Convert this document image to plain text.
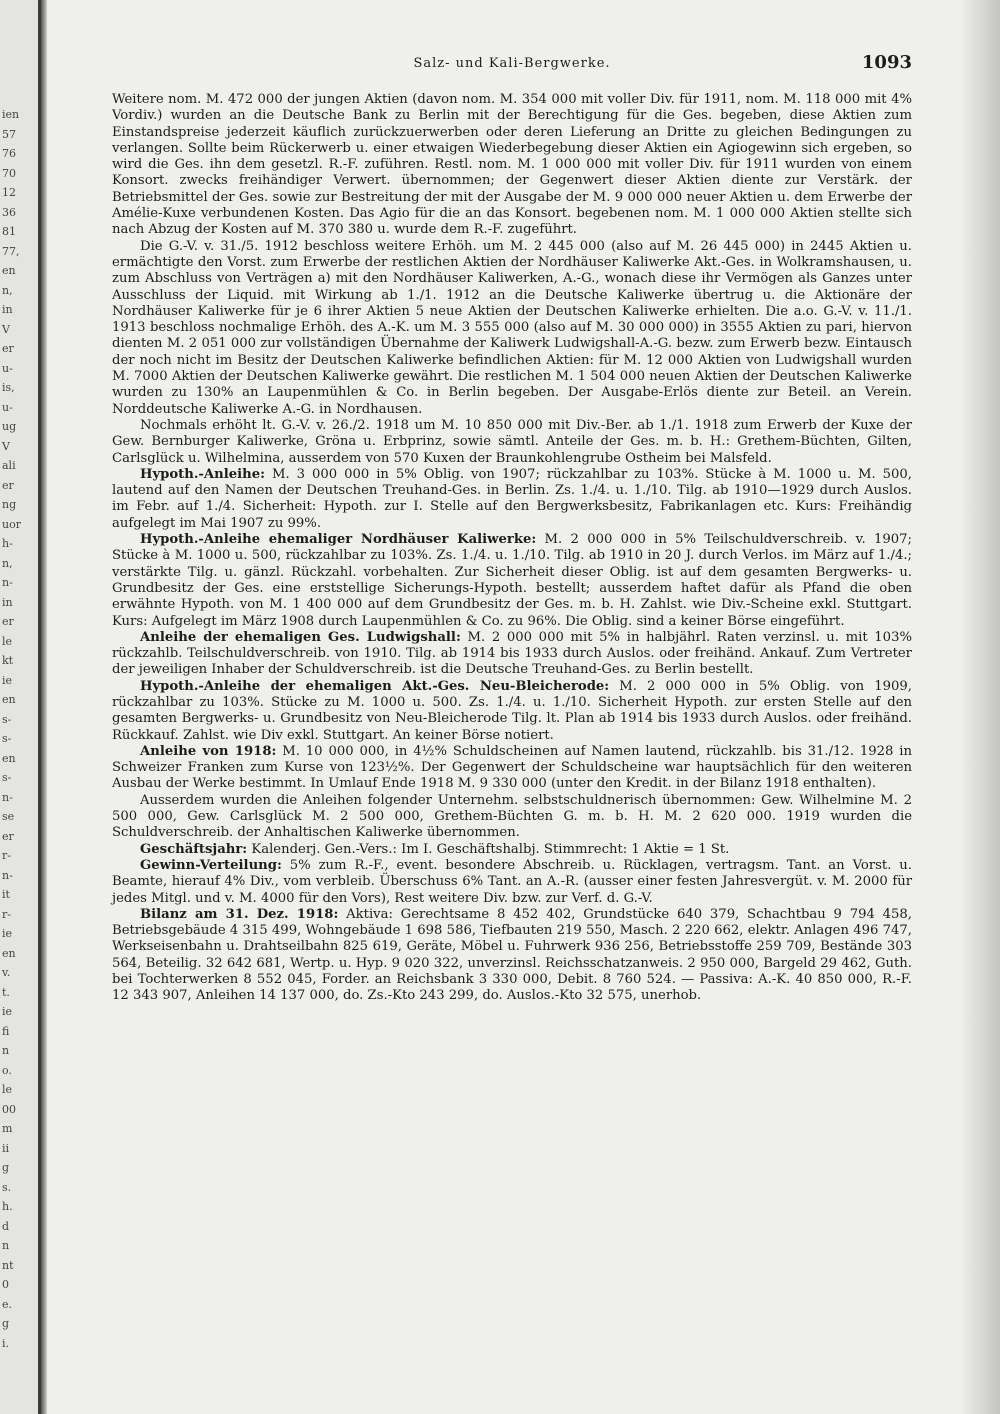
ien
57
76
70
12
36
81
77,
en
n,
in
V
er
u-
is,
u-
ug
V
ali
er
ng
uor
h-
n,
n-
in
er
le
kt
ie
en
s-
s-
en
s-
n-
se
er
r-
n-
it
r-
ie
en
v.
t.
ie
fi
n
o.
le
00
m
ii
g
s.
h.
d
n
nt
0
e.
g
i.
Salz- und Kali-Bergwerke.	1093

Weitere nom. M. 472 000 der jungen Aktien (davon nom. M. 354 000 mit voller Div. für 1911, nom. M. 118 000 mit 4% Vordiv.) wurden an die Deutsche Bank zu Berlin mit der Berechtigung für die Ges. begeben, diese Aktien zum Einstandspreise jederzeit käuflich zurückzuerwerben oder deren Lieferung an Dritte zu gleichen Bedingungen zu verlangen. Sollte beim Rückerwerb u. einer etwaigen Wiederbegebung dieser Aktien ein Agiogewinn sich ergeben, so wird die Ges. ihn dem gesetzl. R.-F. zuführen. Restl. nom. M. 1 000 000 mit voller Div. für 1911 wurden von einem Konsort. zwecks freihändiger Verwert. übernommen; der Gegenwert dieser Aktien diente zur Verstärk. der Betriebsmittel der Ges. sowie zur Bestreitung der mit der Ausgabe der M. 9 000 000 neuer Aktien u. dem Erwerbe der Amélie-Kuxe verbundenen Kosten. Das Agio für die an das Konsort. begebenen nom. M. 1 000 000 Aktien stellte sich nach Abzug der Kosten auf M. 370 380 u. wurde dem R.-F. zugeführt.

Die G.-V. v. 31./5. 1912 beschloss weitere Erhöh. um M. 2 445 000 (also auf M. 26 445 000) in 2445 Aktien u. ermächtigte den Vorst. zum Erwerbe der restlichen Aktien der Nordhäuser Kaliwerke Akt.-Ges. in Wolkramshausen, u. zum Abschluss von Verträgen a) mit den Nordhäuser Kaliwerken, A.-G., wonach diese ihr Vermögen als Ganzes unter Ausschluss der Liquid. mit Wirkung ab 1./1. 1912 an die Deutsche Kaliwerke übertrug u. die Aktionäre der Nordhäuser Kaliwerke für je 6 ihrer Aktien 5 neue Aktien der Deutschen Kaliwerke erhielten. Die a.o. G.-V. v. 11./1. 1913 beschloss nochmalige Erhöh. des A.-K. um M. 3 555 000 (also auf M. 30 000 000) in 3555 Aktien zu pari, hiervon dienten M. 2 051 000 zur vollständigen Übernahme der Kaliwerk Ludwigshall-A.-G. bezw. zum Erwerb bezw. Eintausch der noch nicht im Besitz der Deutschen Kaliwerke befindlichen Aktien: für M. 12 000 Aktien von Ludwigshall wurden M. 7000 Aktien der Deutschen Kaliwerke gewährt. Die restlichen M. 1 504 000 neuen Aktien der Deutschen Kaliwerke wurden zu 130% an Laupenmühlen & Co. in Berlin begeben. Der Ausgabe-Erlös diente zur Beteil. an Verein. Norddeutsche Kaliwerke A.-G. in Nordhausen.

Nochmals erhöht lt. G.-V. v. 26./2. 1918 um M. 10 850 000 mit Div.-Ber. ab 1./1. 1918 zum Erwerb der Kuxe der Gew. Bernburger Kaliwerke, Gröna u. Erbprinz, sowie sämtl. Anteile der Ges. m. b. H.: Grethem-Büchten, Gilten, Carlsglück u. Wilhelmina, ausserdem von 570 Kuxen der Braunkohlengrube Ostheim bei Malsfeld.

Hypoth.-Anleihe: M. 3 000 000 in 5% Oblig. von 1907; rückzahlbar zu 103%. Stücke à M. 1000 u. M. 500, lautend auf den Namen der Deutschen Treuhand-Ges. in Berlin. Zs. 1./4. u. 1./10. Tilg. ab 1910—1929 durch Auslos. im Febr. auf 1./4. Sicherheit: Hypoth. zur I. Stelle auf den Bergwerksbesitz, Fabrikanlagen etc. Kurs: Freihändig aufgelegt im Mai 1907 zu 99%.

Hypoth.-Anleihe ehemaliger Nordhäuser Kaliwerke: M. 2 000 000 in 5% Teilschuldverschreib. v. 1907; Stücke à M. 1000 u. 500, rückzahlbar zu 103%. Zs. 1./4. u. 1./10. Tilg. ab 1910 in 20 J. durch Verlos. im März auf 1./4.; verstärkte Tilg. u. gänzl. Rückzahl. vorbehalten. Zur Sicherheit dieser Oblig. ist auf dem gesamten Bergwerks- u. Grundbesitz der Ges. eine erststellige Sicherungs-Hypoth. bestellt; ausserdem haftet dafür als Pfand die oben erwähnte Hypoth. von M. 1 400 000 auf dem Grundbesitz der Ges. m. b. H. Zahlst. wie Div.-Scheine exkl. Stuttgart. Kurs: Aufgelegt im März 1908 durch Laupenmühlen & Co. zu 96%. Die Oblig. sind a keiner Börse eingeführt.

Anleihe der ehemaligen Ges. Ludwigshall: M. 2 000 000 mit 5% in halbjährl. Raten verzinsl. u. mit 103% rückzahlb. Teilschuldverschreib. von 1910. Tilg. ab 1914 bis 1933 durch Auslos. oder freihänd. Ankauf. Zum Vertreter der jeweiligen Inhaber der Schuldverschreib. ist die Deutsche Treuhand-Ges. zu Berlin bestellt.

Hypoth.-Anleihe der ehemaligen Akt.-Ges. Neu-Bleicherode: M. 2 000 000 in 5% Oblig. von 1909, rückzahlbar zu 103%. Stücke zu M. 1000 u. 500. Zs. 1./4. u. 1./10. Sicherheit Hypoth. zur ersten Stelle auf den gesamten Bergwerks- u. Grundbesitz von Neu-Bleicherode Tilg. lt. Plan ab 1914 bis 1933 durch Auslos. oder freihänd. Rückkauf. Zahlst. wie Div exkl. Stuttgart. An keiner Börse notiert.

Anleihe von 1918: M. 10 000 000, in 4½% Schuldscheinen auf Namen lautend, rückzahlb. bis 31./12. 1928 in Schweizer Franken zum Kurse von 123½%. Der Gegenwert der Schuldscheine war hauptsächlich für den weiteren Ausbau der Werke bestimmt. In Umlauf Ende 1918 M. 9 330 000 (unter den Kredit. in der Bilanz 1918 enthalten).

Ausserdem wurden die Anleihen folgender Unternehm. selbstschuldnerisch übernommen: Gew. Wilhelmine M. 2 500 000, Gew. Carlsglück M. 2 500 000, Grethem-Büchten G. m. b. H. M. 2 620 000. 1919 wurden die Schuldverschreib. der Anhaltischen Kaliwerke übernommen.

Geschäftsjahr: Kalenderj. Gen.-Vers.: Im I. Geschäftshalbj. Stimmrecht: 1 Aktie = 1 St.

Gewinn-Verteilung: 5% zum R.-F., event. besondere Abschreib. u. Rücklagen, vertragsm. Tant. an Vorst. u. Beamte, hierauf 4% Div., vom verbleib. Überschuss 6% Tant. an A.-R. (ausser einer festen Jahresvergüt. v. M. 2000 für jedes Mitgl. und v. M. 4000 für den Vors), Rest weitere Div. bzw. zur Verf. d. G.-V.

Bilanz am 31. Dez. 1918: Aktiva: Gerechtsame 8 452 402, Grundstücke 640 379, Schachtbau 9 794 458, Betriebsgebäude 4 315 499, Wohngebäude 1 698 586, Tiefbauten 219 550, Masch. 2 220 662, elektr. Anlagen 496 747, Werkseisenbahn u. Drahtseilbahn 825 619, Geräte, Möbel u. Fuhrwerk 936 256, Betriebsstoffe 259 709, Bestände 303 564, Beteilig. 32 642 681, Wertp. u. Hyp. 9 020 322, unverzinsl. Reichsschatzanweis. 2 950 000, Bargeld 29 462, Guth. bei Tochterwerken 8 552 045, Forder. an Reichsbank 3 330 000, Debit. 8 760 524. — Passiva: A.-K. 40 850 000, R.-F. 12 343 907, Anleihen 14 137 000, do. Zs.-Kto 243 299, do. Auslos.-Kto 32 575, unerhob.
